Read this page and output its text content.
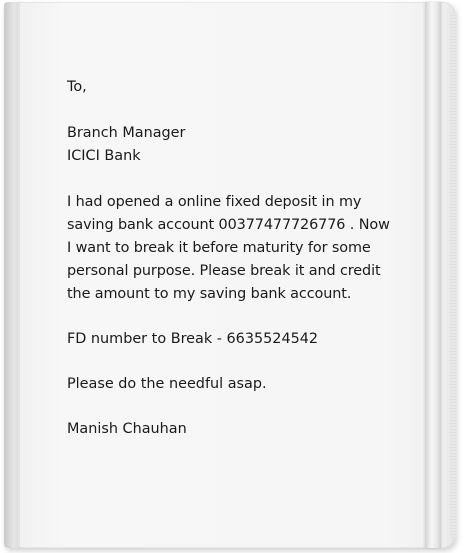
To,

Branch Manager

ICICI Bank

I had opened a online fixed deposit in my

saving bank account 00377477726776 . Now

I want to break it before maturity for some

personal purpose. Please break it and credit

the amount to my saving bank account.

FD number to Break - 6635524542

Please do the needful asap.

Manish Chauhan
